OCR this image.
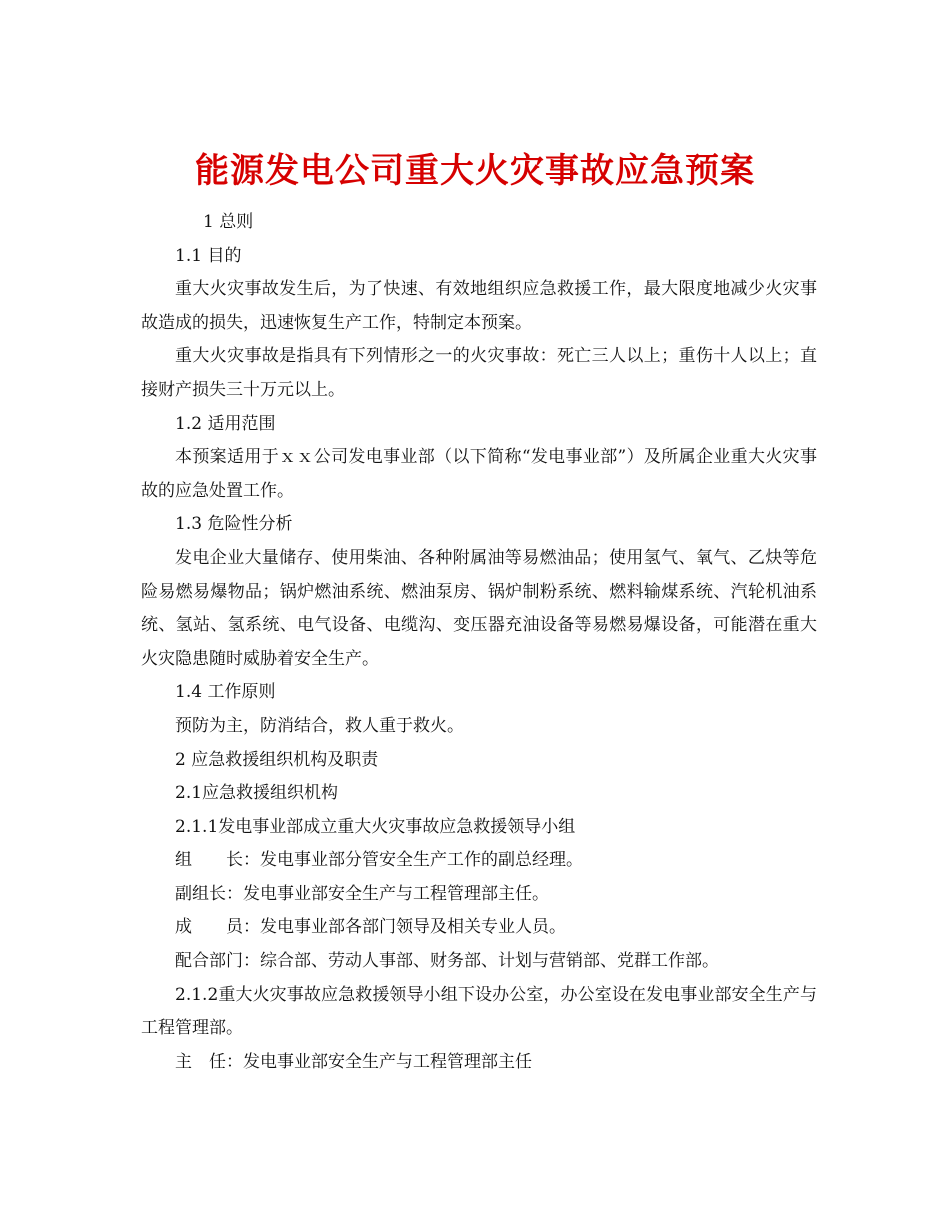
能源发电公司重大火灾事故应急预案

1 总则

1.1 目的

重大火灾事故发生后，为了快速、有效地组织应急救援工作，最大限度地减少火灾事故造成的损失，迅速恢复生产工作，特制定本预案。

重大火灾事故是指具有下列情形之一的火灾事故：死亡三人以上；重伤十人以上；直接财产损失三十万元以上。

1.2 适用范围

本预案适用于ｘｘ公司发电事业部（以下简称“发电事业部”）及所属企业重大火灾事故的应急处置工作。

1.3 危险性分析

发电企业大量储存、使用柴油、各种附属油等易燃油品；使用氢气、氧气、乙炔等危险易燃易爆物品；锅炉燃油系统、燃油泵房、锅炉制粉系统、燃料输煤系统、汽轮机油系统、氢站、氢系统、电气设备、电缆沟、变压器充油设备等易燃易爆设备，可能潜在重大火灾隐患随时威胁着安全生产。

1.4 工作原则

预防为主，防消结合，救人重于救火。

2 应急救援组织机构及职责

2.1应急救援组织机构

2.1.1发电事业部成立重大火灾事故应急救援领导小组

组　　长：发电事业部分管安全生产工作的副总经理。

副组长：发电事业部安全生产与工程管理部主任。

成　　员：发电事业部各部门领导及相关专业人员。

配合部门：综合部、劳动人事部、财务部、计划与营销部、党群工作部。

2.1.2重大火灾事故应急救援领导小组下设办公室，办公室设在发电事业部安全生产与工程管理部。

主　任：发电事业部安全生产与工程管理部主任
